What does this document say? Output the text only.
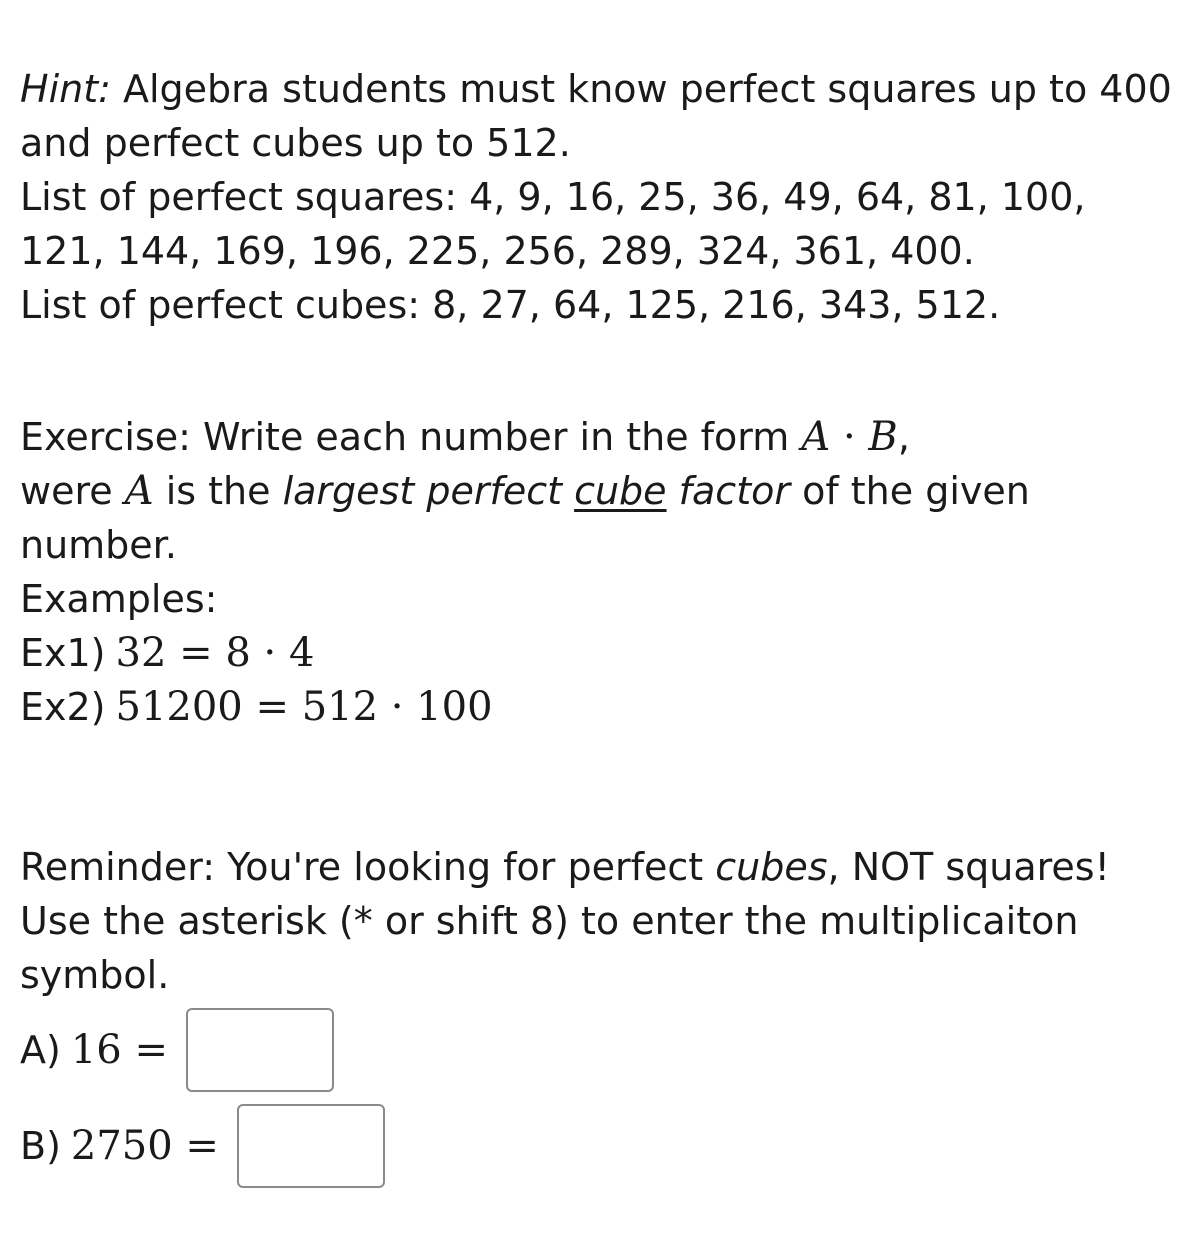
Hint: Algebra students must know perfect squares up to 400
and perfect cubes up to 512.
List of perfect squares: 4, 9, 16, 25, 36, 49, 64, 81, 100,
121, 144, 169, 196, 225, 256, 289, 324, 361, 400.
List of perfect cubes: 8, 27, 64, 125, 216, 343, 512.
Exercise: Write each number in the form A · B,
were A is the largest perfect cube factor of the given
number.
Examples:
Ex1) 32 = 8 · 4
Ex2) 51200 = 512 · 100
Reminder: You're looking for perfect cubes, NOT squares!
Use the asterisk (* or shift 8) to enter the multiplicaiton
symbol.
A) 16 =
B) 2750 =
